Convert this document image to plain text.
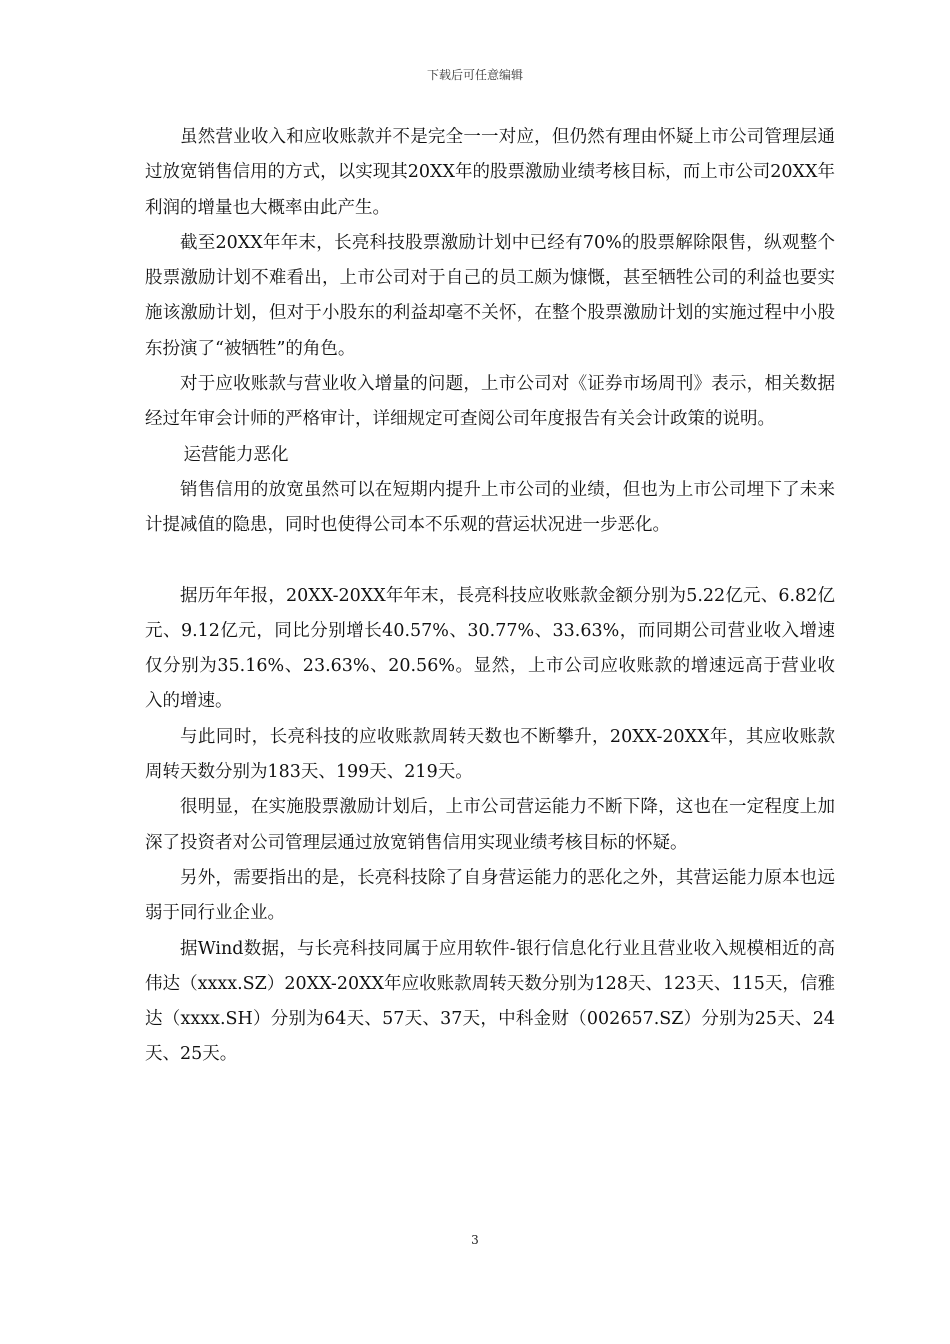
下载后可任意编辑

虽然营业收入和应收账款并不是完全一一对应，但仍然有理由怀疑上市公司管理层通过放宽销售信用的方式，以实现其20XX年的股票激励业绩考核目标，而上市公司20XX年利润的增量也大概率由此产生。

截至20XX年年末，长亮科技股票激励计划中已经有70%的股票解除限售，纵观整个股票激励计划不难看出，上市公司对于自己的员工颇为慷慨，甚至牺牲公司的利益也要实施该激励计划，但对于小股东的利益却毫不关怀，在整个股票激励计划的实施过程中小股东扮演了“被牺牲”的角色。

对于应收账款与营业收入增量的问题，上市公司对《证券市场周刊》表示，相关数据经过年审会计师的严格审计，详细规定可查阅公司年度报告有关会计政策的说明。

运营能力恶化

销售信用的放宽虽然可以在短期内提升上市公司的业绩，但也为上市公司埋下了未来计提减值的隐患，同时也使得公司本不乐观的营运状况进一步恶化。

据历年年报，20XX-20XX年年末，長亮科技应收账款金额分别为5.22亿元、6.82亿元、9.12亿元，同比分别增长40.57%、30.77%、33.63%，而同期公司营业收入增速仅分别为35.16%、23.63%、20.56%。显然，上市公司应收账款的增速远高于营业收入的增速。

与此同时，长亮科技的应收账款周转天数也不断攀升，20XX-20XX年，其应收账款周转天数分别为183天、199天、219天。

很明显，在实施股票激励计划后，上市公司营运能力不断下降，这也在一定程度上加深了投资者对公司管理层通过放宽销售信用实现业绩考核目标的怀疑。

另外，需要指出的是，长亮科技除了自身营运能力的恶化之外，其营运能力原本也远弱于同行业企业。

据Wind数据，与长亮科技同属于应用软件-银行信息化行业且营业收入规模相近的高伟达（xxxx.SZ）20XX-20XX年应收账款周转天数分别为128天、123天、115天，信雅达（xxxx.SH）分别为64天、57天、37天，中科金财（002657.SZ）分别为25天、24天、25天。

3
